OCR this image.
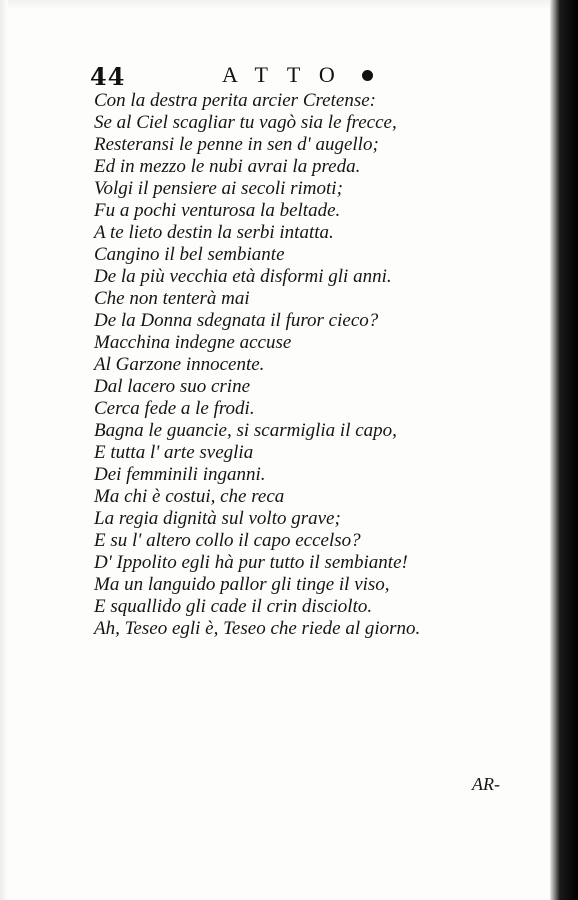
44	ATTO
Con la destra perita arcier Cretense:
Se al Ciel scagliar tu vagò sia le frecce,
Resteransi le penne in sen d' augello;
Ed in mezzo le nubi avrai la preda.
Volgi il pensiere ai secoli rimoti;
Fu a pochi venturosa la beltade.
A te lieto destin la serbi intatta.
Cangino il bel sembiante
De la più vecchia età disformi gli anni.
Che non tenterà mai
De la Donna sdegnata il furor cieco?
Macchina indegne accuse
Al Garzone innocente.
Dal lacero suo crine
Cerca fede a le frodi.
Bagna le guancie, si scarmiglia il capo,
E tutta l' arte sveglia
Dei femminili inganni.
Ma chi è costui, che reca
La regia dignità sul volto grave;
E su l' altero collo il capo eccelso?
D' Ippolito egli hà pur tutto il sembiante!
Ma un languido pallor gli tinge il viso,
E squallido gli cade il crin disciolto.
Ah, Teseo egli è, Teseo che riede al giorno.
AR-
